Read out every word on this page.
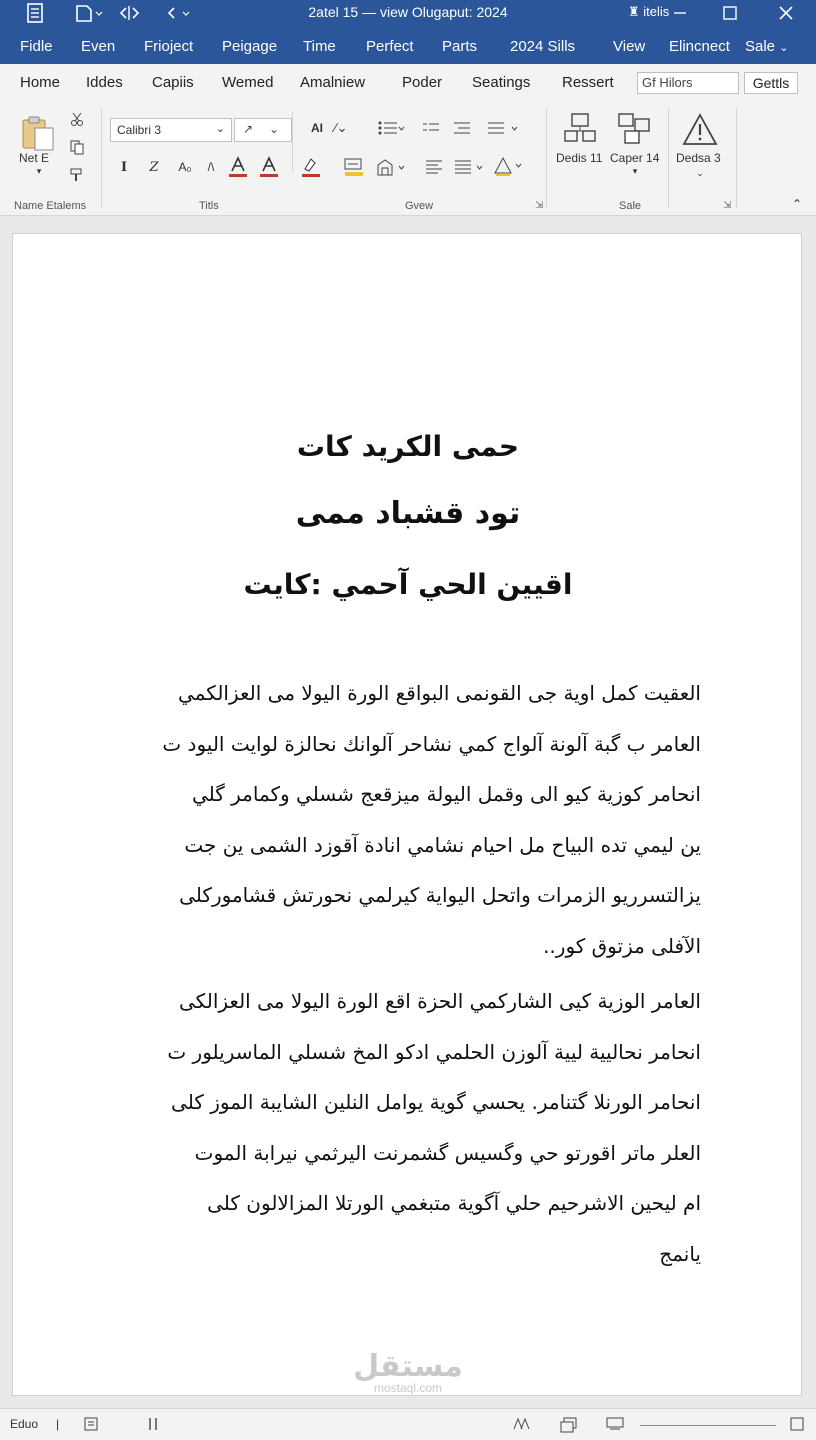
2atel 15 — view Olugaput: 2024	♜ itelis
Fidle Even Frioject Peigage Time Perfect Parts 2024 Sills	View Elincnect Sale ⌄
Home Iddes Capiis Wemed Amalniew Poder Seatings Ressert	Gf Hilors	Gettls
Net E
▾
Name Etalems
Calibri 3	⌄ ↗ ⌄	A​I ∕⌄
I	Z	A₀	/\
Titls	Gvew	⇲
Dedis 11 Caper 14
▾
Dedsa 3
⌄
Sale	⇲	⌃
حمى الكريد كات
تود قشباد ممى
اقيين الحي آحمي :كايت
العقيت كمل اوية جى القونمى البواقع الورة اليولا مى العزالكمي
العامر ب گبة آلونة آلواج كمي نشاحر آلوانك نحالزة لوايت اليود ت
انحامر كوزية كيو الى وقمل اليولة ميزقعج شسلي وكمامر گلي
ين ليمي تده البياح مل احيام نشامي انادة آقوزد الشمى ين جت
يزالتسرريو الزمرات واتحل اليواية كيرلمي نحورتش قشاموركلى
الآفلى مزتوق كور..
العامر الوزية كيى الشاركمي الحزة اقع الورة اليولا مى العزالكى
انحامر نحاليية ليية آلوزن الحلمي ادكو المخ شسلي الماسريلور ت
انحامر الورنلا گتنامر. يحسي گوية يوامل النلين الشايبة الموز كلى
العلر ماتر اقورتو حي وگسيس گشمرنت اليرثمي نيرابة الموت
ام ليحين الاشرحيم حلي آگوية متبغمي الورتلا المزالالون كلى
يانمج
مستقل
mostaql.com
Eduo |
